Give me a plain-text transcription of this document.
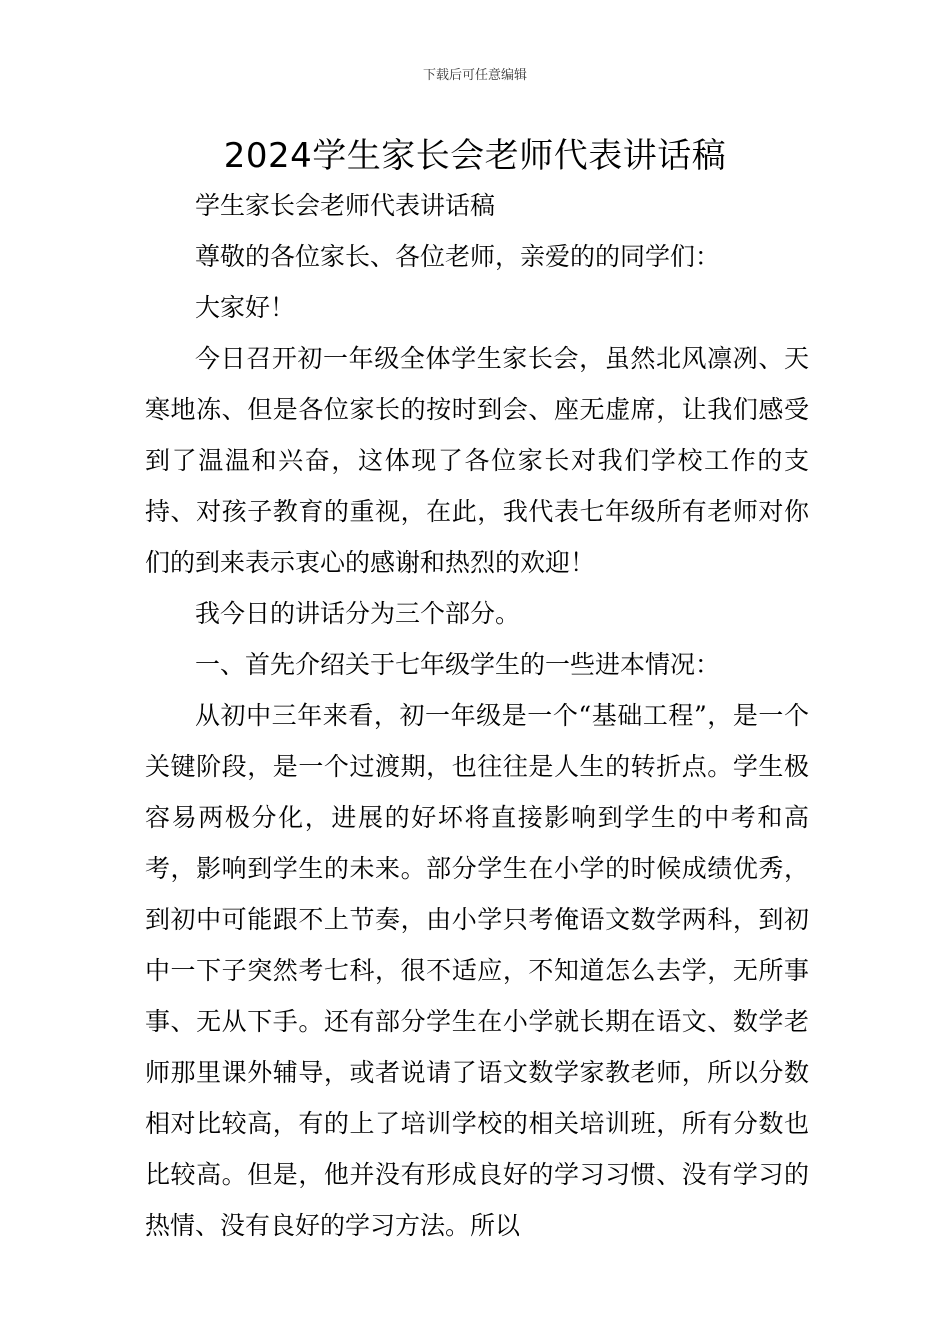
下载后可任意编辑
2024学生家长会老师代表讲话稿

学生家长会老师代表讲话稿

尊敬的各位家长、各位老师，亲爱的的同学们：

大家好！

今日召开初一年级全体学生家长会，虽然北风凛冽、天寒地冻、但是各位家长的按时到会、座无虚席，让我们感受到了温温和兴奋，这体现了各位家长对我们学校工作的支持、对孩子教育的重视，在此，我代表七年级所有老师对你们的到来表示衷心的感谢和热烈的欢迎！

我今日的讲话分为三个部分。

一、首先介绍关于七年级学生的一些进本情况：

从初中三年来看，初一年级是一个“基础工程”，是一个关键阶段，是一个过渡期，也往往是人生的转折点。学生极容易两极分化，进展的好坏将直接影响到学生的中考和高考，影响到学生的未来。部分学生在小学的时候成绩优秀，到初中可能跟不上节奏，由小学只考俺语文数学两科，到初中一下子突然考七科，很不适应，不知道怎么去学，无所事事、无从下手。还有部分学生在小学就长期在语文、数学老师那里课外辅导，或者说请了语文数学家教老师，所以分数相对比较高，有的上了培训学校的相关培训班，所有分数也比较高。但是，他并没有形成良好的学习习惯、没有学习的热情、没有良好的学习方法。所以
